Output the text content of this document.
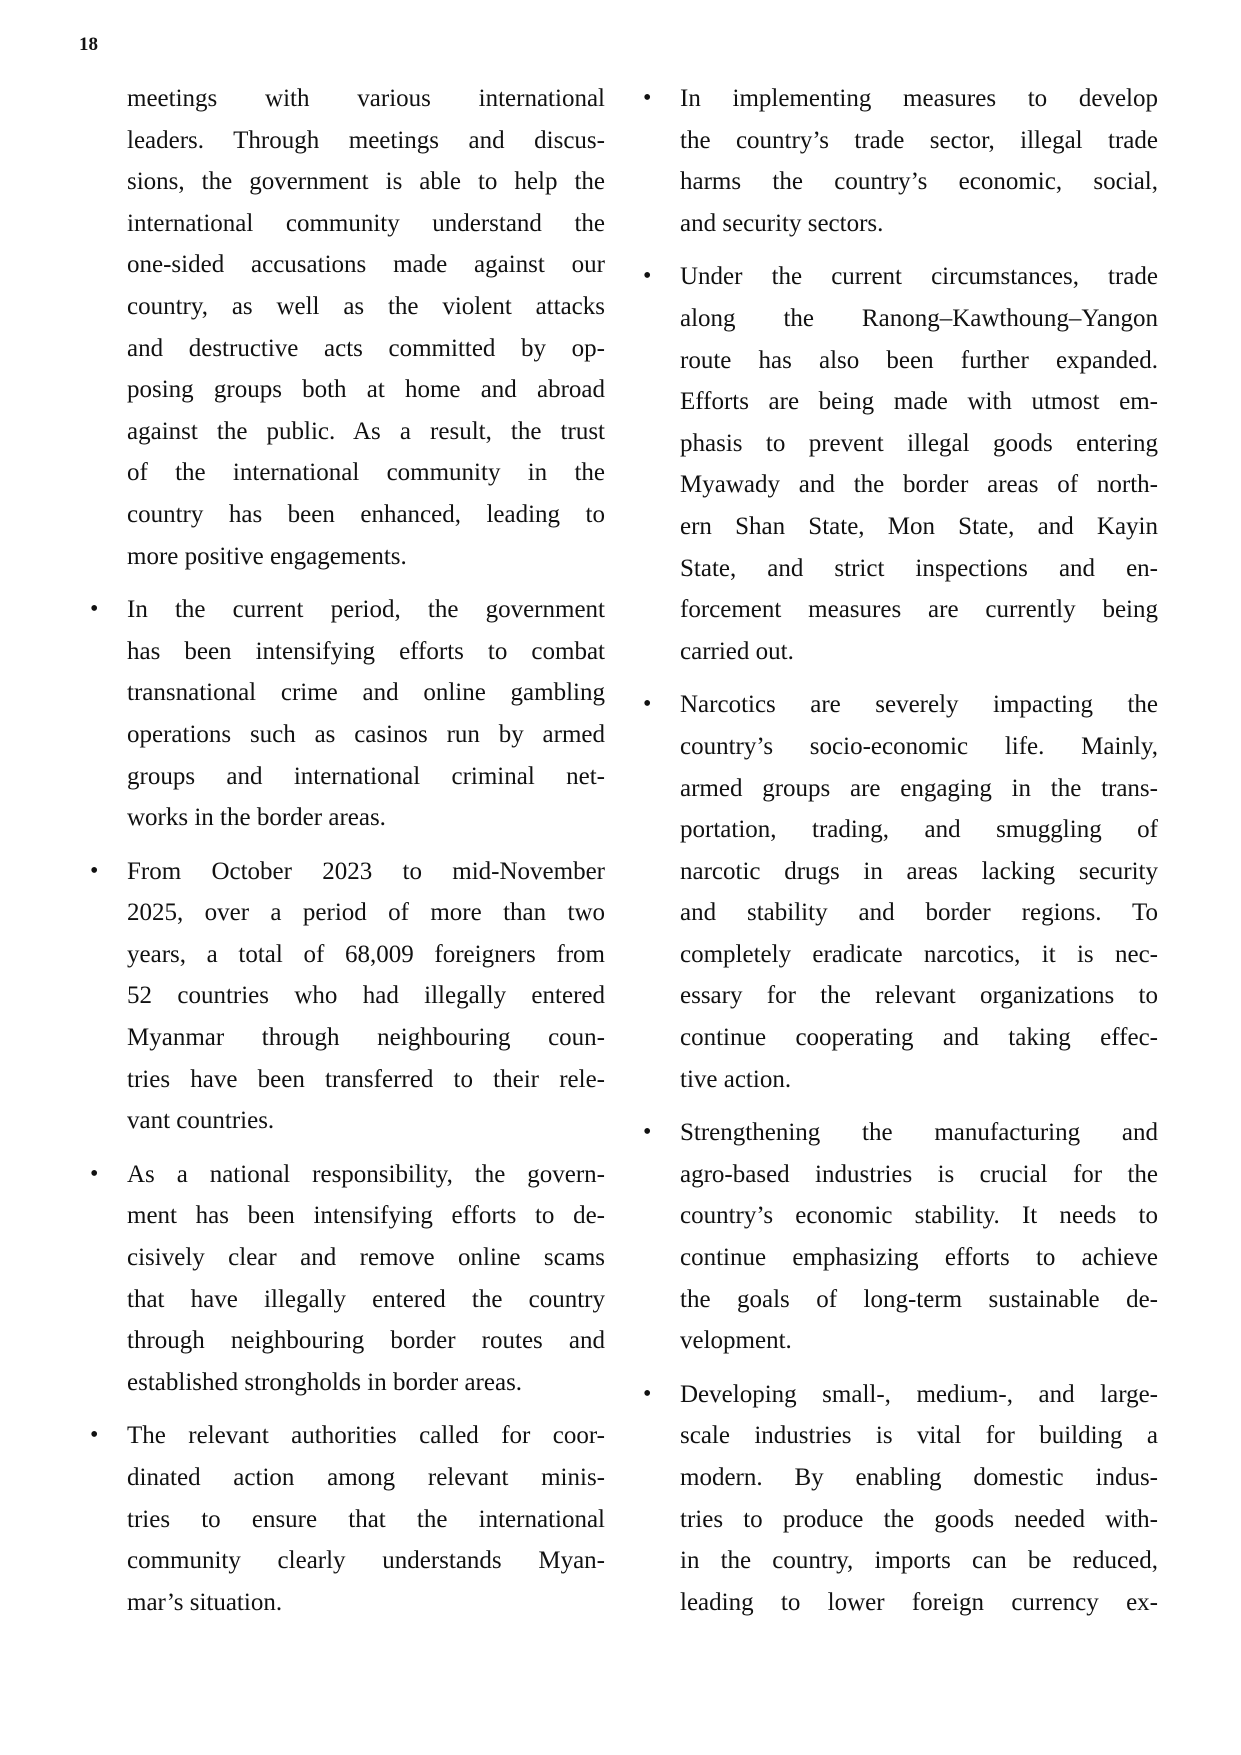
18
meetings with various international
leaders. Through meetings and discus-
sions, the government is able to help the
international community understand the
one-sided accusations made against our
country, as well as the violent attacks
and destructive acts committed by op-
posing groups both at home and abroad
against the public. As a result, the trust
of the international community in the
country has been enhanced, leading to
more positive engagements.
• In the current period, the government
has been intensifying efforts to combat
transnational crime and online gambling
operations such as casinos run by armed
groups and international criminal net-
works in the border areas.
• From October 2023 to mid-November
2025, over a period of more than two
years, a total of 68,009 foreigners from
52 countries who had illegally entered
Myanmar through neighbouring coun-
tries have been transferred to their rele-
vant countries.
• As a national responsibility, the govern-
ment has been intensifying efforts to de-
cisively clear and remove online scams
that have illegally entered the country
through neighbouring border routes and
established strongholds in border areas.
• The relevant authorities called for coor-
dinated action among relevant minis-
tries to ensure that the international
community clearly understands Myan-
mar’s situation.
• In implementing measures to develop
the country’s trade sector, illegal trade
harms the country’s economic, social,
and security sectors.
• Under the current circumstances, trade
along the Ranong–Kawthoung–Yangon
route has also been further expanded.
Efforts are being made with utmost em-
phasis to prevent illegal goods entering
Myawady and the border areas of north-
ern Shan State, Mon State, and Kayin
State, and strict inspections and en-
forcement measures are currently being
carried out.
• Narcotics are severely impacting the
country’s socio-economic life. Mainly,
armed groups are engaging in the trans-
portation, trading, and smuggling of
narcotic drugs in areas lacking security
and stability and border regions. To
completely eradicate narcotics, it is nec-
essary for the relevant organizations to
continue cooperating and taking effec-
tive action.
• Strengthening the manufacturing and
agro-based industries is crucial for the
country’s economic stability. It needs to
continue emphasizing efforts to achieve
the goals of long-term sustainable de-
velopment.
• Developing small-, medium-, and large-
scale industries is vital for building a
modern. By enabling domestic indus-
tries to produce the goods needed with-
in the country, imports can be reduced,
leading to lower foreign currency ex-
